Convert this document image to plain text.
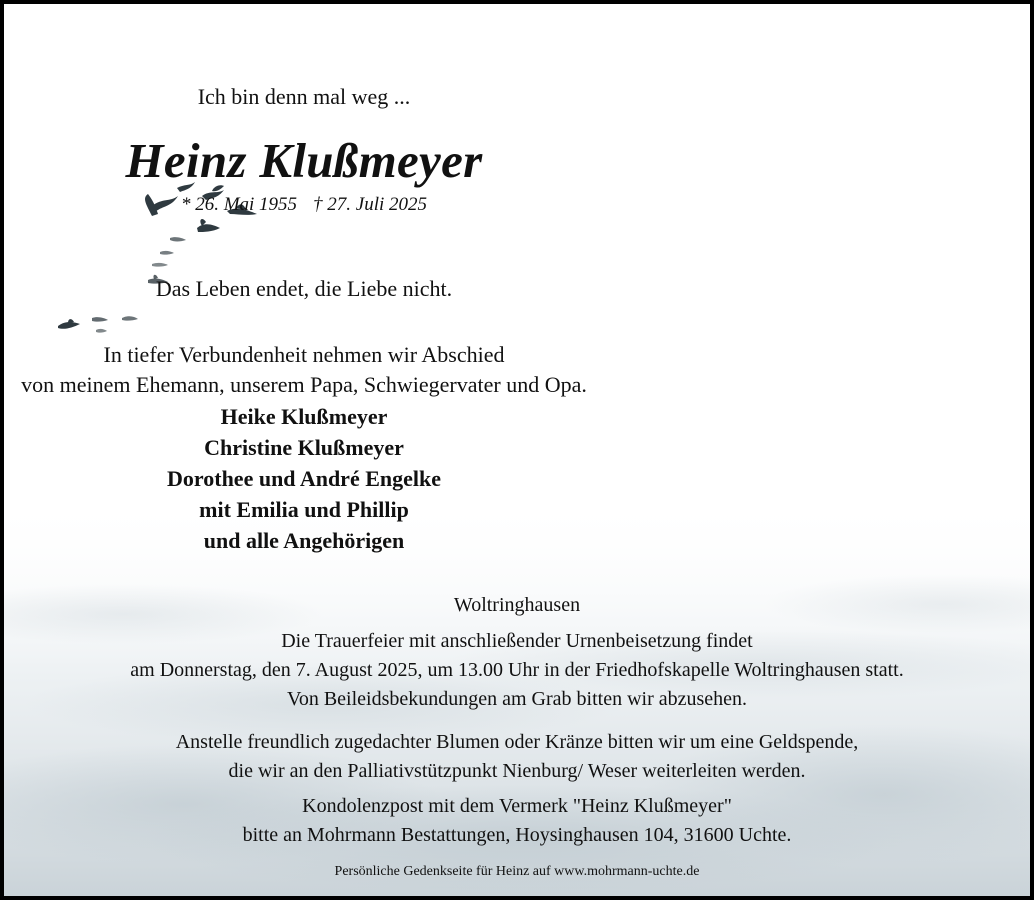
Ich bin denn mal weg ...
Heinz Klußmeyer
* 26. Mai 1955 † 27. Juli 2025
Das Leben endet, die Liebe nicht.
In tiefer Verbundenheit nehmen wir Abschied
von meinem Ehemann, unserem Papa, Schwiegervater und Opa.
Heike Klußmeyer
Christine Klußmeyer
Dorothee und André Engelke
mit Emilia und Phillip
und alle Angehörigen
Woltringhausen
Die Trauerfeier mit anschließender Urnenbeisetzung findet
am Donnerstag, den 7. August 2025, um 13.00 Uhr in der Friedhofskapelle Woltringhausen statt.
Von Beileidsbekundungen am Grab bitten wir abzusehen.
Anstelle freundlich zugedachter Blumen oder Kränze bitten wir um eine Geldspende,
die wir an den Palliativstützpunkt Nienburg/ Weser weiterleiten werden.
Kondolenzpost mit dem Vermerk "Heinz Klußmeyer"
bitte an Mohrmann Bestattungen, Hoysinghausen 104, 31600 Uchte.
Persönliche Gedenkseite für Heinz auf www.mohrmann-uchte.de
